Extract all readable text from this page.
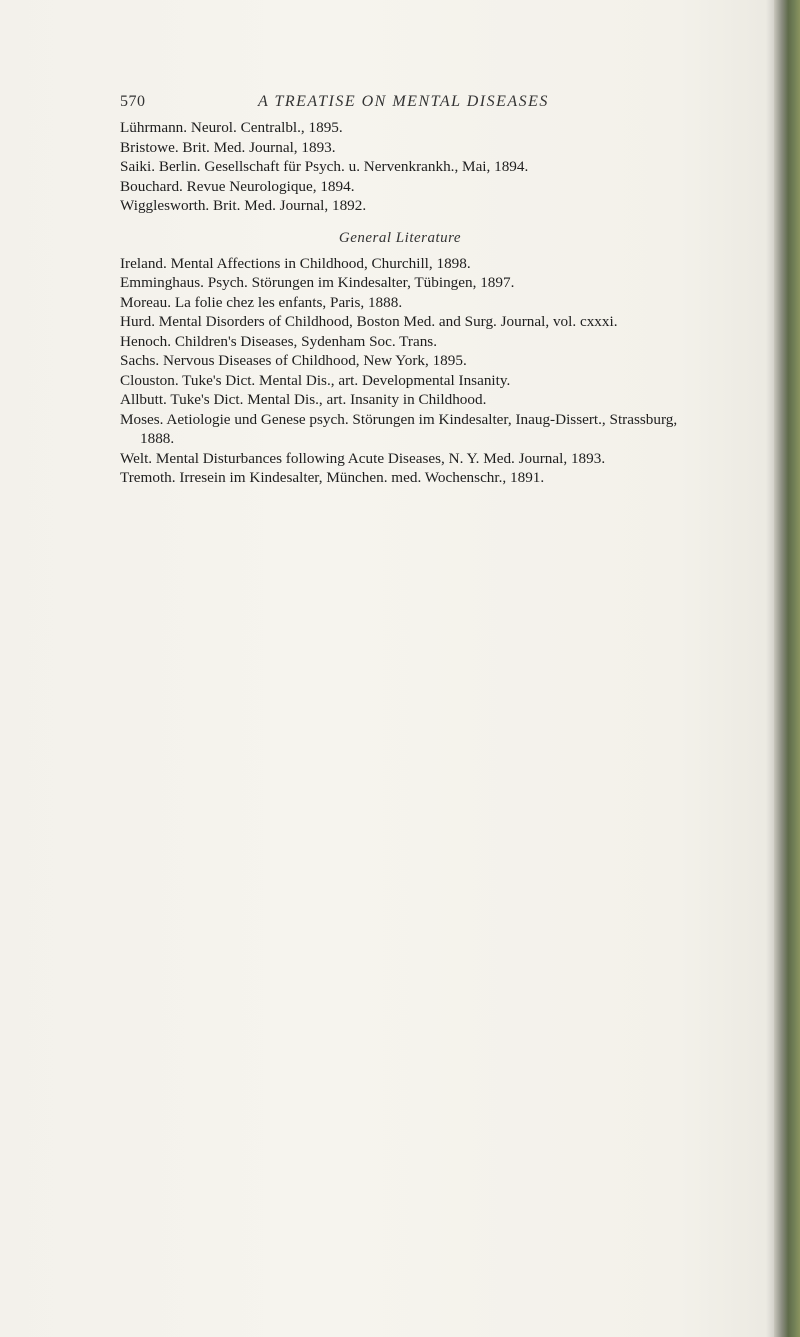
570	A TREATISE ON MENTAL DISEASES

Lührmann. Neurol. Centralbl., 1895.

Bristowe. Brit. Med. Journal, 1893.

Saiki. Berlin. Gesellschaft für Psych. u. Nervenkrankh., Mai, 1894.

Bouchard. Revue Neurologique, 1894.

Wigglesworth. Brit. Med. Journal, 1892.

General Literature

Ireland. Mental Affections in Childhood, Churchill, 1898.

Emminghaus. Psych. Störungen im Kindesalter, Tübingen, 1897.

Moreau. La folie chez les enfants, Paris, 1888.

Hurd. Mental Disorders of Childhood, Boston Med. and Surg. Journal, vol. cxxxi.

Henoch. Children's Diseases, Sydenham Soc. Trans.

Sachs. Nervous Diseases of Childhood, New York, 1895.

Clouston. Tuke's Dict. Mental Dis., art. Developmental Insanity.

Allbutt. Tuke's Dict. Mental Dis., art. Insanity in Childhood.

Moses. Aetiologie und Genese psych. Störungen im Kindesalter, Inaug-Dissert., Strassburg, 1888.

Welt. Mental Disturbances following Acute Diseases, N. Y. Med. Journal, 1893.

Tremoth. Irresein im Kindesalter, München. med. Wochenschr., 1891.
